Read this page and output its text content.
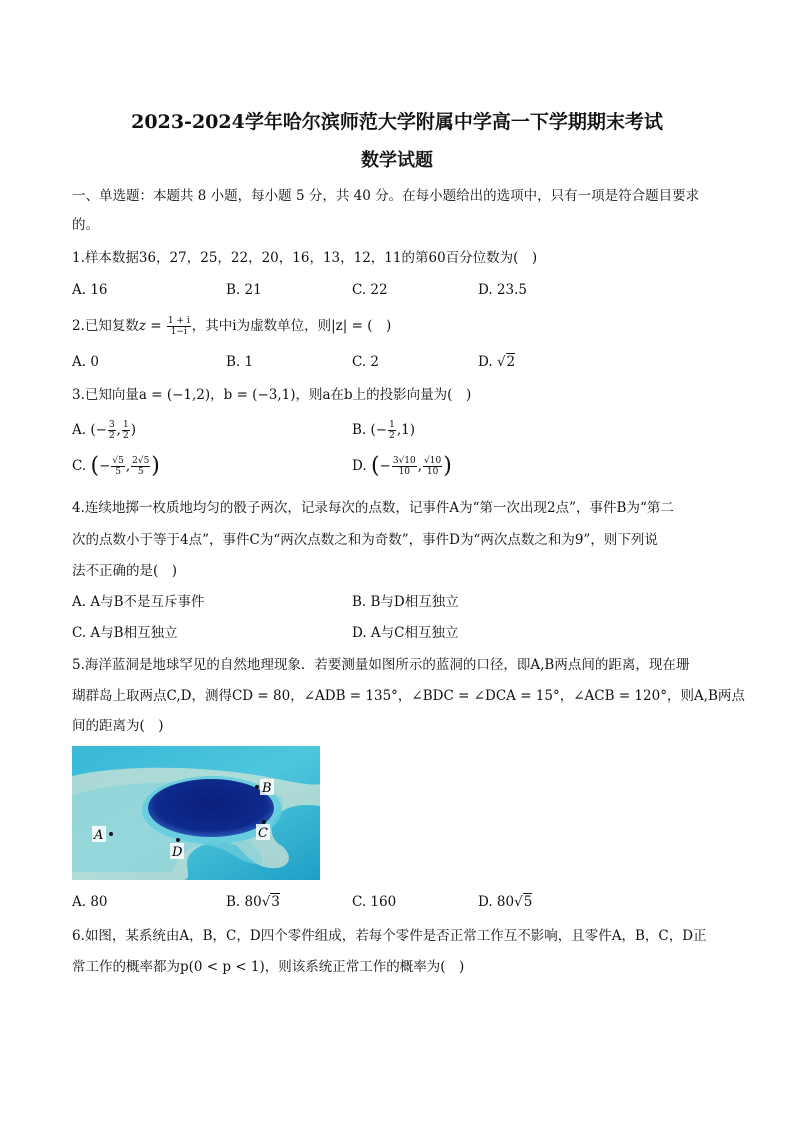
2023-2024学年哈尔滨师范大学附属中学高一下学期期末考试
数学试题
一、单选题：本题共 8 小题，每小题 5 分，共 40 分。在每小题给出的选项中，只有一项是符合题目要求
的。
1.样本数据36，27，25，22，20，16，13，12，11的第60百分位数为(　)
A. 16	B. 21	C. 22	D. 23.5
2.已知复数$z = \frac{1 + i}{1-i}$ ，其中i为虚数单位，则|z| = (　)
A. 0	B. 1	C. 2	D. √2
3.已知向量a = (−1,2)，b = (−3,1)，则a在b上的投影向量为(　)
A. (− $\frac{3}{2}$ , $\frac{1}{2}$ )	B. (− $\frac{1}{2} ,1$)
C. (− $\frac{√5}{5}$ , $\frac{2√5}{5}$ )	D. (− $\frac{3√10}{10}$ , $\frac{√10}{10}$ )
4.连续地掷一枚质地均匀的骰子两次，记录每次的点数，记事件A为“第一次出现2点”，事件B为“第二
次的点数小于等于4点”，事件C为“两次点数之和为奇数”，事件D为“两次点数之和为9”，则下列说
法不正确的是(　)
A. A与B不是互斥事件	B. B与D相互独立
C. A与B相互独立	D. A与C相互独立
5.海洋蓝洞是地球罕见的自然地理现象．若要测量如图所示的蓝洞的口径，即A,B两点间的距离，现在珊
瑚群岛上取两点C,D，测得CD = 80，∠ADB = 135°，∠BDC = ∠DCA = 15°，∠ACB = 120°，则A,B两点
间的距离为(　)
A
B
C
D
A. 80	B. 80√3	C. 160	D. 80√5
6.如图，某系统由A，B，C，D四个零件组成，若每个零件是否正常工作互不影响，且零件A，B，C，D正
常工作的概率都为p(0 < p < 1)，则该系统正常工作的概率为(　)
